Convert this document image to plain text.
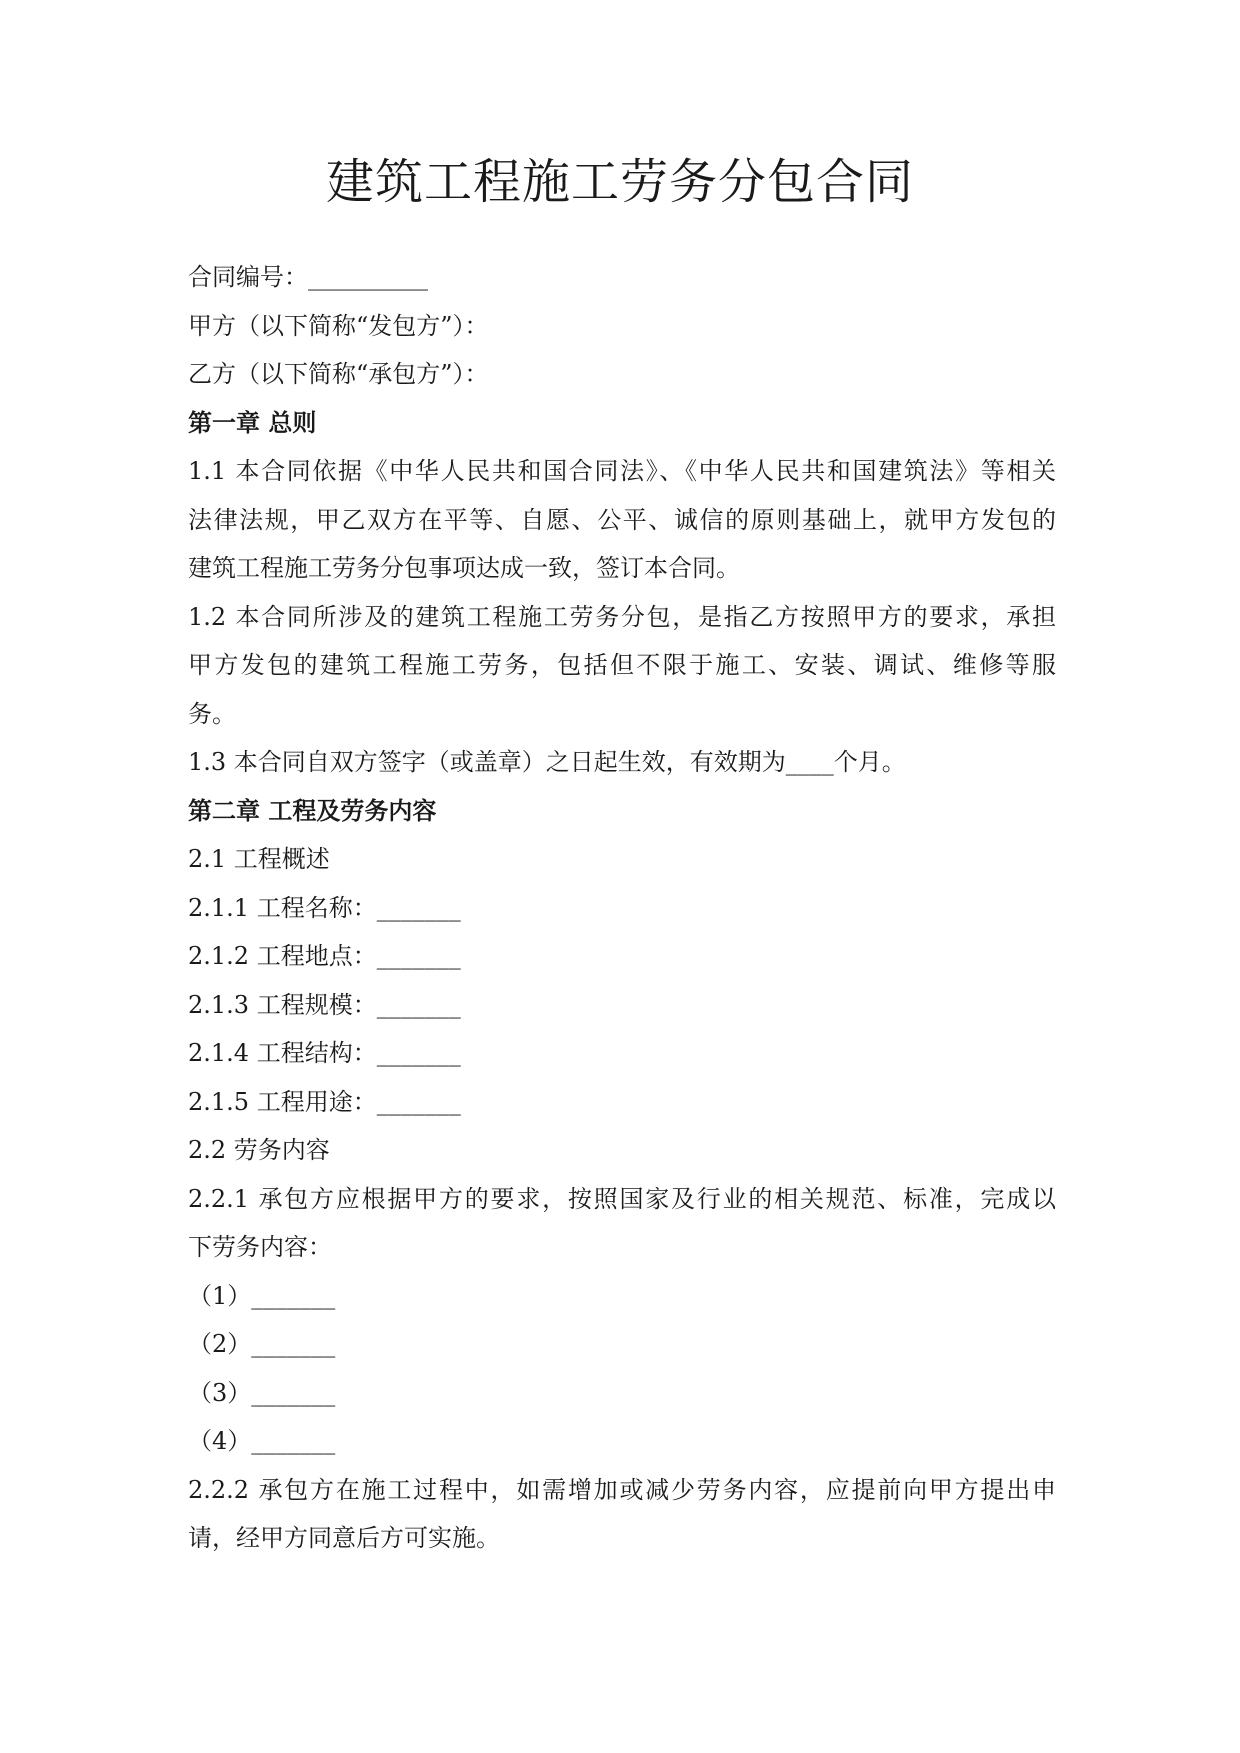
建筑工程施工劳务分包合同
合同编号：__________
甲方（以下简称“发包方”）：
乙方（以下简称“承包方”）：
第一章 总则
1.1 本合同依据《中华人民共和国合同法》、《中华人民共和国建筑法》等相关
法律法规，甲乙双方在平等、自愿、公平、诚信的原则基础上，就甲方发包的
建筑工程施工劳务分包事项达成一致，签订本合同。
1.2 本合同所涉及的建筑工程施工劳务分包，是指乙方按照甲方的要求，承担
甲方发包的建筑工程施工劳务，包括但不限于施工、安装、调试、维修等服
务。
1.3 本合同自双方签字（或盖章）之日起生效，有效期为____个月。
第二章 工程及劳务内容
2.1 工程概述
2.1.1 工程名称：_______
2.1.2 工程地点：_______
2.1.3 工程规模：_______
2.1.4 工程结构：_______
2.1.5 工程用途：_______
2.2 劳务内容
2.2.1 承包方应根据甲方的要求，按照国家及行业的相关规范、标准，完成以
下劳务内容：
（1）_______
（2）_______
（3）_______
（4）_______
2.2.2 承包方在施工过程中，如需增加或减少劳务内容，应提前向甲方提出申
请，经甲方同意后方可实施。
